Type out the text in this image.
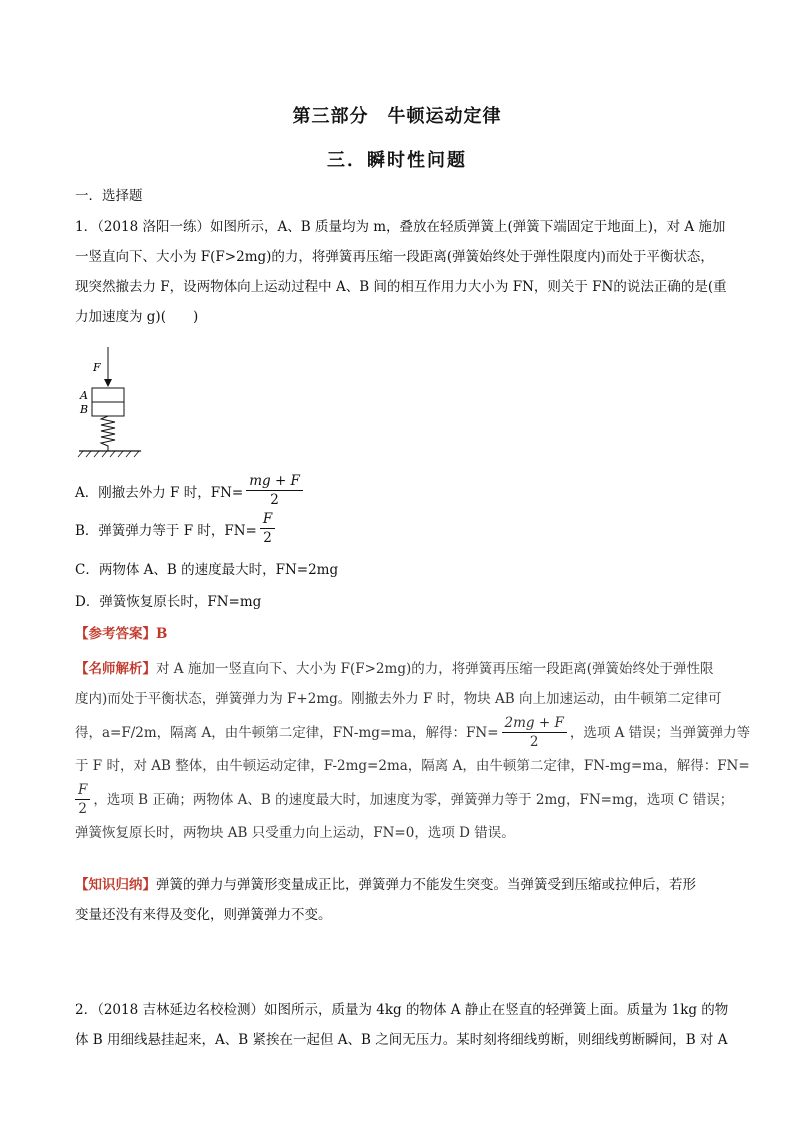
第三部分　牛顿运动定律
三．瞬时性问题
一．选择题
1．（2018 洛阳一练）如图所示，A、B 质量均为 m，叠放在轻质弹簧上(弹簧下端固定于地面上)，对 A 施加
一竖直向下、大小为 F(F>2mg)的力，将弹簧再压缩一段距离(弹簧始终处于弹性限度内)而处于平衡状态，
现突然撤去力 F，设两物体向上运动过程中 A、B 间的相互作用力大小为 FN，则关于 FN的说法正确的是(重
力加速度为 g)(　　)
F
A
B
A．刚撤去外力 F 时，$FN= \frac{mg + F}{2}$
B．弹簧弹力等于 F 时，$FN= \frac{F}{2}$
C．两物体 A、B 的速度最大时，FN=2mg
D．弹簧恢复原长时，FN=mg
【参考答案】B
【名师解析】对 A 施加一竖直向下、大小为 F(F>2mg)的力，将弹簧再压缩一段距离(弹簧始终处于弹性限
度内)而处于平衡状态，弹簧弹力为 F+2mg。刚撤去外力 F 时，物块 AB 向上加速运动，由牛顿第二定律可
得，a=F/2m，隔离 A，由牛顿第二定律，FN-mg=ma，解得：$FN= \frac{2mg + F}{2}$ ，选项 A 错误；当弹簧弹力等
于 F 时，对 AB 整体，由牛顿运动定律，F-2mg=2ma，隔离 A，由牛顿第二定律，FN-mg=ma，解得：FN=
$\frac{F}{2}$ ，选项 B 正确；两物体 A、B 的速度最大时，加速度为零，弹簧弹力等于 2mg，FN=mg，选项 C 错误；
弹簧恢复原长时，两物块 AB 只受重力向上运动，FN=0，选项 D 错误。
【知识归纳】弹簧的弹力与弹簧形变量成正比，弹簧弹力不能发生突变。当弹簧受到压缩或拉伸后，若形
变量还没有来得及变化，则弹簧弹力不变。
2．（2018 吉林延边名校检测）如图所示，质量为 4kg 的物体 A 静止在竖直的轻弹簧上面。质量为 1kg 的物
体 B 用细线悬挂起来，A、B 紧挨在一起但 A、B 之间无压力。某时刻将细线剪断，则细线剪断瞬间，B 对 A
